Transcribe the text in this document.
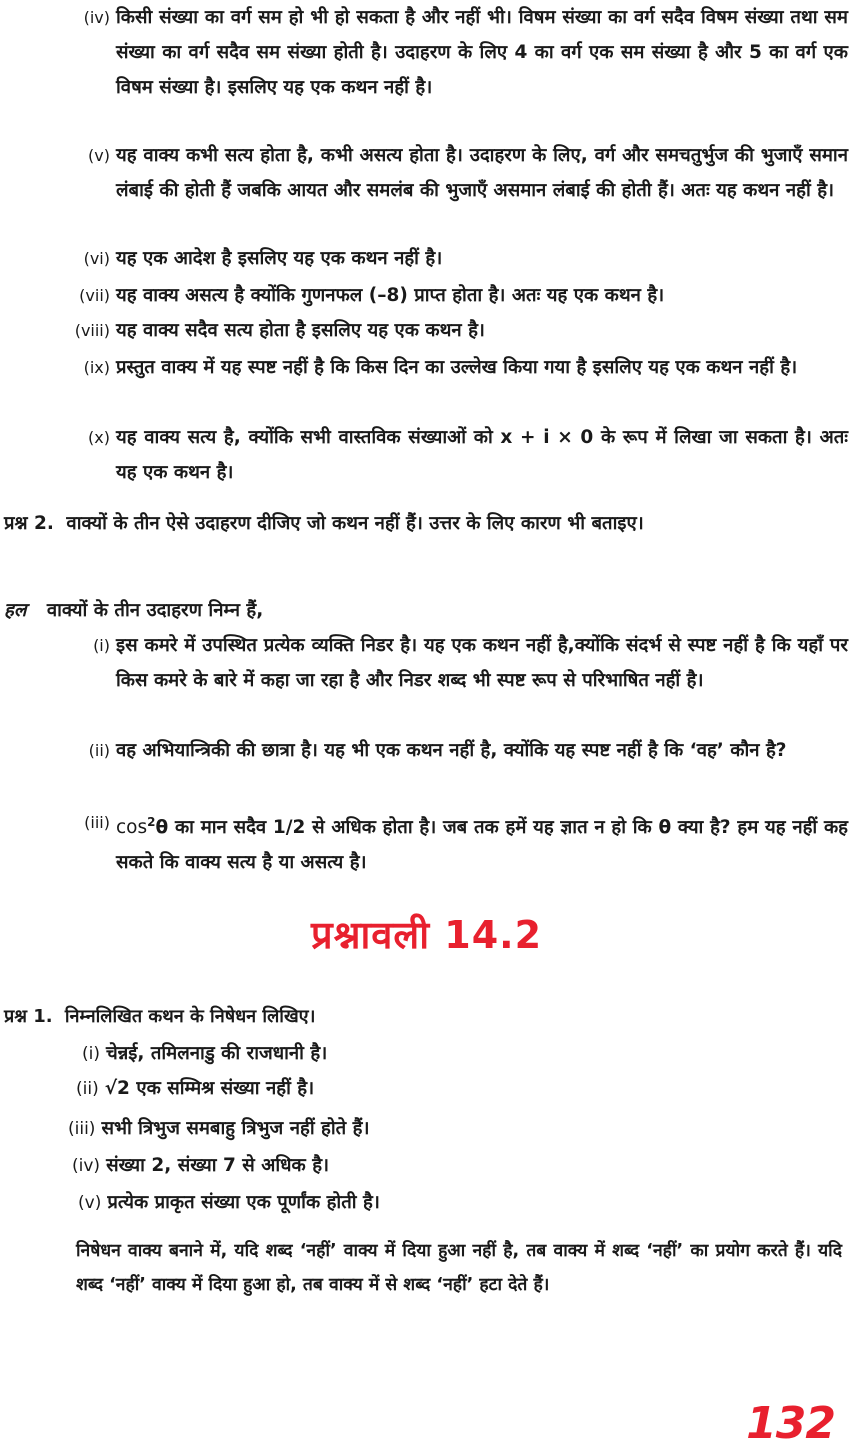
(iv) किसी संख्या का वर्ग सम हो भी हो सकता है और नहीं भी। विषम संख्या का वर्ग सदैव विषम संख्या तथा सम संख्या का वर्ग सदैव सम संख्या होती है। उदाहरण के लिए 4 का वर्ग एक सम संख्या है और 5 का वर्ग एक विषम संख्या है। इसलिए यह एक कथन नहीं है।
(v) यह वाक्य कभी सत्य होता है, कभी असत्य होता है। उदाहरण के लिए, वर्ग और समचतुर्भुज की भुजाएँ समान लंबाई की होती हैं जबकि आयत और समलंब की भुजाएँ असमान लंबाई की होती हैं। अतः यह कथन नहीं है।
(vi) यह एक आदेश है इसलिए यह एक कथन नहीं है।
(vii) यह वाक्य असत्य है क्योंकि गुणनफल (–8) प्राप्त होता है। अतः यह एक कथन है।
(viii) यह वाक्य सदैव सत्य होता है इसलिए यह एक कथन है।
(ix) प्रस्तुत वाक्य में यह स्पष्ट नहीं है कि किस दिन का उल्लेख किया गया है इसलिए यह एक कथन नहीं है।
(x) यह वाक्य सत्य है, क्योंकि सभी वास्तविक संख्याओं को x + i × 0 के रूप में लिखा जा सकता है। अतः यह एक कथन है।
प्रश्न 2. वाक्यों के तीन ऐसे उदाहरण दीजिए जो कथन नहीं हैं। उत्तर के लिए कारण भी बताइए।
हल वाक्यों के तीन उदाहरण निम्न हैं,
(i) इस कमरे में उपस्थित प्रत्येक व्यक्ति निडर है। यह एक कथन नहीं है,क्योंकि संदर्भ से स्पष्ट नहीं है कि यहाँ पर किस कमरे के बारे में कहा जा रहा है और निडर शब्द भी स्पष्ट रूप से परिभाषित नहीं है।
(ii) वह अभियान्त्रिकी की छात्रा है। यह भी एक कथन नहीं है, क्योंकि यह स्पष्ट नहीं है कि ‘वह’ कौन है?
(iii) $\cos^2\theta$ का मान सदैव 1/2 से अधिक होता है। जब तक हमें यह ज्ञात न हो कि θ क्या है? हम यह नहीं कह सकते कि वाक्य सत्य है या असत्य है।
प्रश्नावली 14.2
प्रश्न 1. निम्नलिखित कथन के निषेधन लिखिए।
(i) चेन्नई, तमिलनाडु की राजधानी है।
(ii) √2 एक सम्मिश्र संख्या नहीं है।
(iii) सभी त्रिभुज समबाहु त्रिभुज नहीं होते हैं।
(iv) संख्या 2, संख्या 7 से अधिक है।
(v) प्रत्येक प्राकृत संख्या एक पूर्णांक होती है।
निषेधन वाक्य बनाने में, यदि शब्द ‘नहीं’ वाक्य में दिया हुआ नहीं है, तब वाक्य में शब्द ‘नहीं’ का प्रयोग करते हैं। यदि शब्द ‘नहीं’ वाक्य में दिया हुआ हो, तब वाक्य में से शब्द ‘नहीं’ हटा देते हैं।
132
